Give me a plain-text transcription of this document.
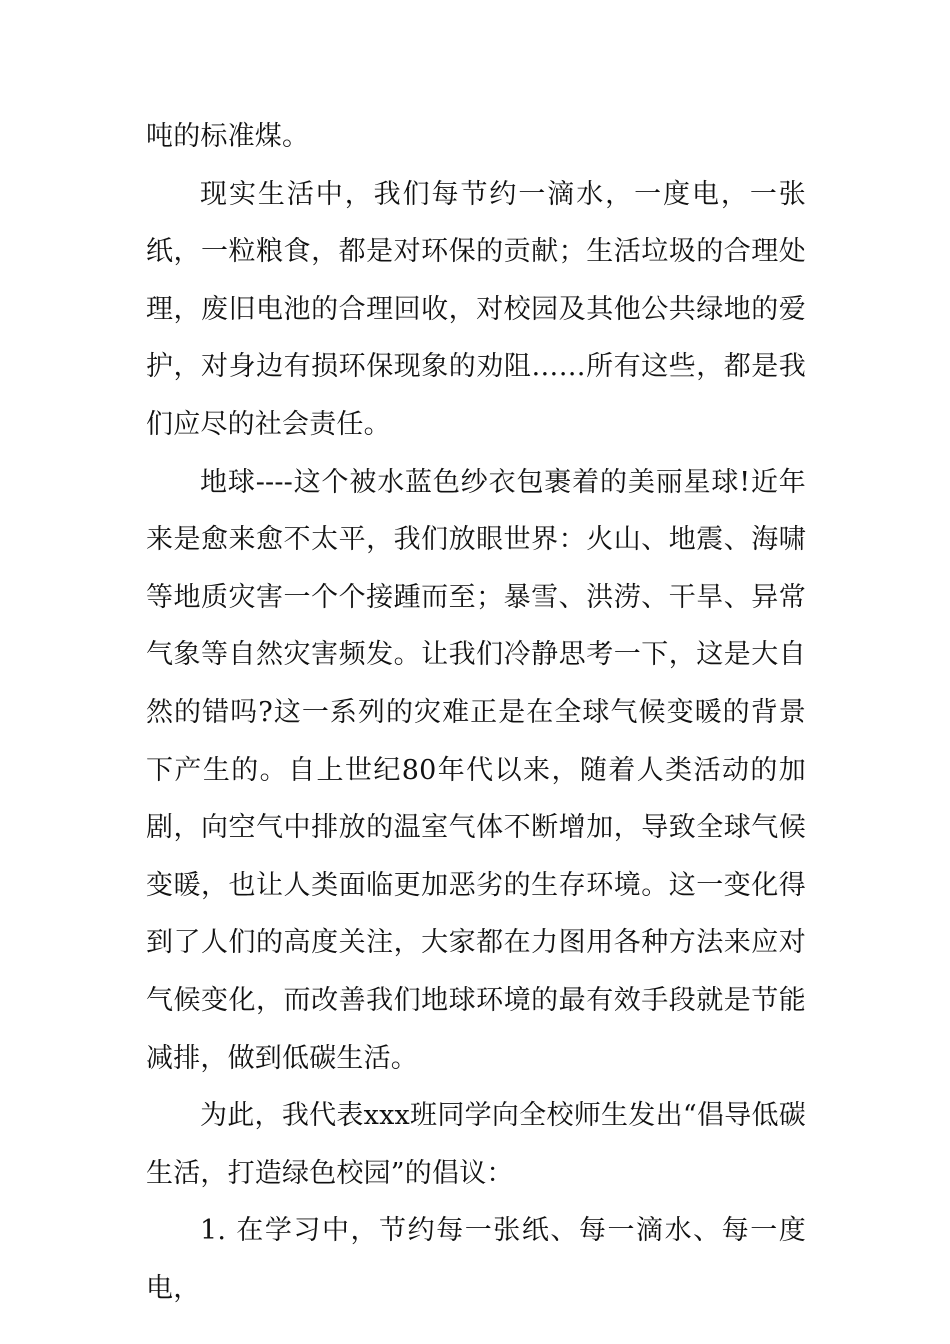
吨的标准煤。

现实生活中，我们每节约一滴水，一度电，一张纸，一粒粮食，都是对环保的贡献；生活垃圾的合理处理，废旧电池的合理回收，对校园及其他公共绿地的爱护，对身边有损环保现象的劝阻……所有这些，都是我们应尽的社会责任。

地球----这个被水蓝色纱衣包裹着的美丽星球!近年来是愈来愈不太平，我们放眼世界：火山、地震、海啸等地质灾害一个个接踵而至；暴雪、洪涝、干旱、异常气象等自然灾害频发。让我们冷静思考一下，这是大自然的错吗?这一系列的灾难正是在全球气候变暖的背景下产生的。自上世纪80年代以来，随着人类活动的加剧，向空气中排放的温室气体不断增加，导致全球气候变暖，也让人类面临更加恶劣的生存环境。这一变化得到了人们的高度关注，大家都在力图用各种方法来应对气候变化，而改善我们地球环境的最有效手段就是节能减排，做到低碳生活。

为此，我代表xxx班同学向全校师生发出“倡导低碳生活，打造绿色校园”的倡议：

1. 在学习中，节约每一张纸、每一滴水、每一度电，
